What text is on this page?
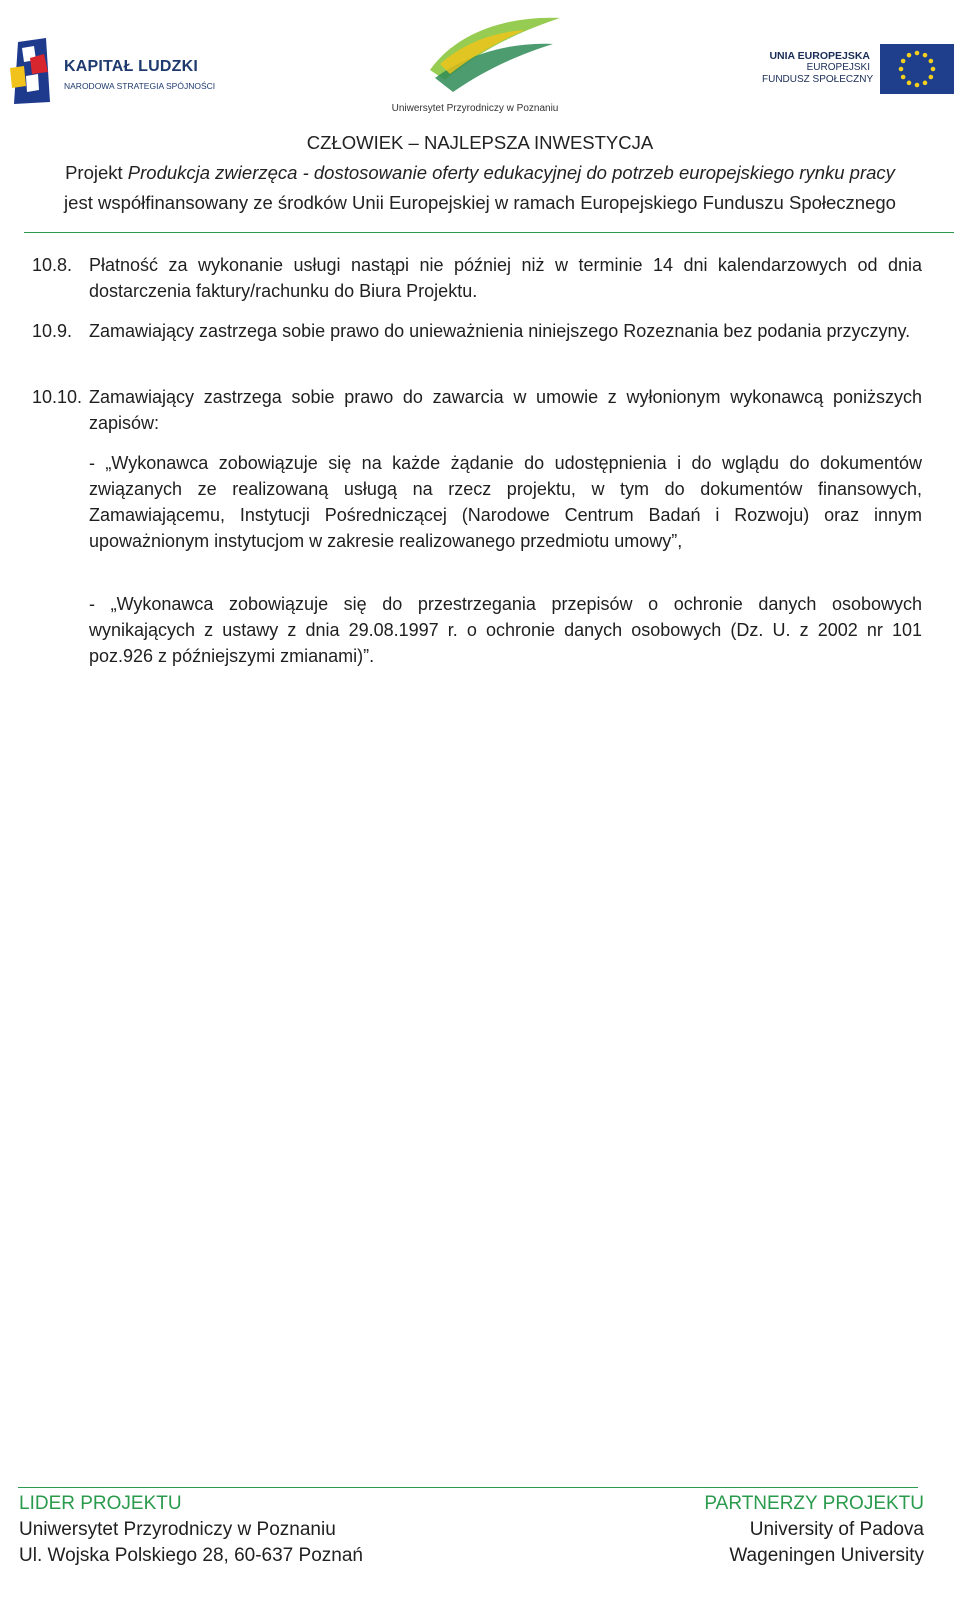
KAPITAŁ LUDZKI
NARODOWA STRATEGIA SPÓJNOŚCI
Uniwersytet Przyrodniczy w Poznaniu
UNIA EUROPEJSKA
EUROPEJSKI
FUNDUSZ SPOŁECZNY
CZŁOWIEK – NAJLEPSZA INWESTYCJA
Projekt Produkcja zwierzęca - dostosowanie oferty edukacyjnej do potrzeb europejskiego rynku pracy
jest współfinansowany ze środków Unii Europejskiej w ramach Europejskiego Funduszu Społecznego
10.8. Płatność za wykonanie usługi nastąpi nie później niż w terminie 14 dni kalendarzowych od dnia dostarczenia faktury/rachunku do Biura Projektu.
10.9. Zamawiający zastrzega sobie prawo do unieważnienia niniejszego Rozeznania bez podania przyczyny.
10.10. Zamawiający zastrzega sobie prawo do zawarcia w umowie z wyłonionym wykonawcą poniższych zapisów:
- „Wykonawca zobowiązuje się na każde żądanie do udostępnienia i do wglądu do dokumentów związanych ze realizowaną usługą na rzecz projektu, w tym do dokumentów finansowych, Zamawiającemu, Instytucji Pośredniczącej (Narodowe Centrum Badań i Rozwoju) oraz innym upoważnionym instytucjom w zakresie realizowanego przedmiotu umowy”,
- „Wykonawca zobowiązuje się do przestrzegania przepisów o ochronie danych osobowych wynikających z ustawy z dnia 29.08.1997 r. o ochronie danych osobowych (Dz. U. z 2002 nr 101 poz.926 z późniejszymi zmianami)”.
LIDER PROJEKTU
Uniwersytet Przyrodniczy w Poznaniu
Ul. Wojska Polskiego 28, 60-637 Poznań
PARTNERZY PROJEKTU
University of Padova
Wageningen University
